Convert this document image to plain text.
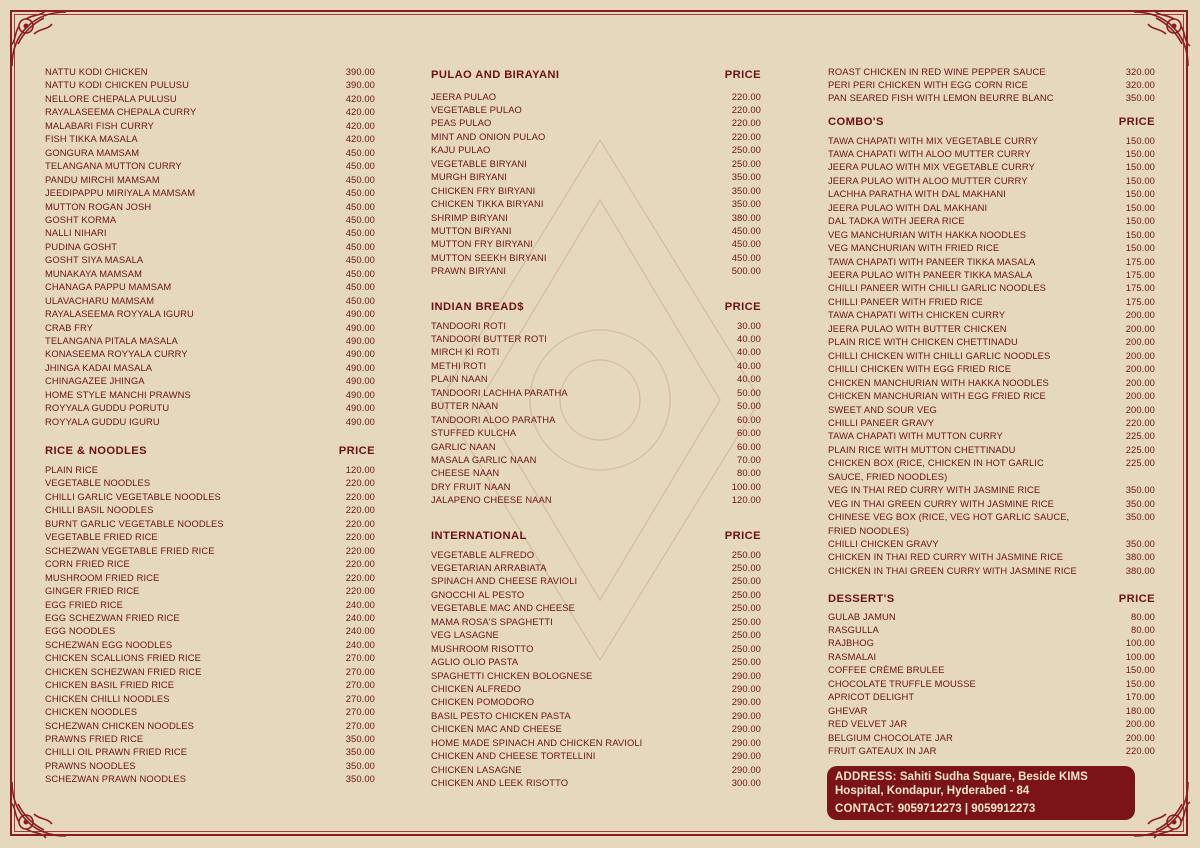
NATTU KODI CHICKEN	390.00
NATTU KODI CHICKEN PULUSU	390.00
NELLORE CHEPALA PULUSU	420.00
RAYALASEEMA CHEPALA CURRY	420.00
MALABARI FISH CURRY	420.00
FISH TIKKA MASALA	420.00
GONGURA MAMSAM	450.00
TELANGANA MUTTON CURRY	450.00
PANDU MIRCHI MAMSAM	450.00
JEEDIPAPPU MIRIYALA MAMSAM	450.00
MUTTON ROGAN JOSH	450.00
GOSHT KORMA	450.00
NALLI NIHARI	450.00
PUDINA GOSHT	450.00
GOSHT SIYA MASALA	450.00
MUNAKAYA MAMSAM	450.00
CHANAGA PAPPU MAMSAM	450.00
ULAVACHARU MAMSAM	450.00
RAYALASEEMA ROYYALA IGURU	490.00
CRAB FRY	490.00
TELANGANA PITALA MASALA	490.00
KONASEEMA ROYYALA CURRY	490.00
JHINGA KADAI MASALA	490.00
CHINAGAZEE JHINGA	490.00
HOME STYLE MANCHI PRAWNS	490.00
ROYYALA GUDDU PORUTU	490.00
ROYYALA GUDDU IGURU	490.00
RICE & NOODLES	PRICE
PLAIN RICE	120.00
VEGETABLE NOODLES	220.00
CHILLI GARLIC VEGETABLE NOODLES	220.00
CHILLI BASIL NOODLES	220.00
BURNT GARLIC VEGETABLE NOODLES	220.00
VEGETABLE FRIED RICE	220.00
SCHEZWAN VEGETABLE FRIED RICE	220.00
CORN FRIED RICE	220.00
MUSHROOM FRIED RICE	220.00
GINGER FRIED RICE	220.00
EGG FRIED RICE	240.00
EGG SCHEZWAN FRIED RICE	240.00
EGG NOODLES	240.00
SCHEZWAN EGG NOODLES	240.00
CHICKEN SCALLIONS FRIED RICE	270.00
CHICKEN SCHEZWAN FRIED RICE	270.00
CHICKEN BASIL FRIED RICE	270.00
CHICKEN CHILLI NOODLES	270.00
CHICKEN NOODLES	270.00
SCHEZWAN CHICKEN NOODLES	270.00
PRAWNS FRIED RICE	350.00
CHILLI OIL PRAWN FRIED RICE	350.00
PRAWNS NOODLES	350.00
SCHEZWAN PRAWN NOODLES	350.00
PULAO AND BIRAYANI	PRICE
JEERA PULAO	220.00
VEGETABLE PULAO	220.00
PEAS PULAO	220.00
MINT AND ONION PULAO	220.00
KAJU PULAO	250.00
VEGETABLE BIRYANI	250.00
MURGH BIRYANI	350.00
CHICKEN FRY BIRYANI	350.00
CHICKEN TIKKA BIRYANI	350.00
SHRIMP BIRYANI	380.00
MUTTON BIRYANI	450.00
MUTTON FRY BIRYANI	450.00
MUTTON SEEKH BIRYANI	450.00
PRAWN BIRYANI	500.00
INDIAN BREAD$	PRICE
TANDOORI ROTI	30.00
TANDOORI BUTTER ROTI	40.00
MIRCH KI ROTI	40.00
METHI ROTI	40.00
PLAIN NAAN	40.00
TANDOORI LACHHA PARATHA	50.00
BUTTER NAAN	50.00
TANDOORI ALOO PARATHA	60.00
STUFFED KULCHA	60.00
GARLIC NAAN	60.00
MASALA GARLIC NAAN	70.00
CHEESE NAAN	80.00
DRY FRUIT NAAN	100.00
JALAPENO CHEESE NAAN	120.00
INTERNATIONAL	PRICE
VEGETABLE ALFREDO	250.00
VEGETARIAN ARRABIATA	250.00
SPINACH AND CHEESE RAVIOLI	250.00
GNOCCHI AL PESTO	250.00
VEGETABLE MAC AND CHEESE	250.00
MAMA ROSA'S SPAGHETTI	250.00
VEG LASAGNE	250.00
MUSHROOM RISOTTO	250.00
AGLIO OLIO PASTA	250.00
SPAGHETTI CHICKEN BOLOGNESE	290.00
CHICKEN ALFREDO	290.00
CHICKEN POMODORO	290.00
BASIL PESTO CHICKEN PASTA	290.00
CHICKEN MAC AND CHEESE	290.00
HOME MADE SPINACH AND CHICKEN RAVIOLI	290.00
CHICKEN AND CHEESE TORTELLINI	290.00
CHICKEN LASAGNE	290.00
CHICKEN AND LEEK RISOTTO	300.00
ROAST CHICKEN IN RED WINE PEPPER SAUCE	320.00
PERI PERI CHICKEN WITH EGG CORN RICE	320.00
PAN SEARED FISH WITH LEMON BEURRE BLANC	350.00
COMBO'S	PRICE
TAWA CHAPATI WITH MIX VEGETABLE CURRY	150.00
TAWA CHAPATI WITH ALOO MUTTER CURRY	150.00
JEERA PULAO WITH MIX VEGETABLE CURRY	150.00
JEERA PULAO WITH ALOO MUTTER CURRY	150.00
LACHHA PARATHA WITH DAL MAKHANI	150.00
JEERA PULAO WITH DAL MAKHANI	150.00
DAL TADKA WITH JEERA RICE	150.00
VEG MANCHURIAN WITH HAKKA NOODLES	150.00
VEG MANCHURIAN WITH FRIED RICE	150.00
TAWA CHAPATI WITH PANEER TIKKA MASALA	175.00
JEERA PULAO WITH PANEER TIKKA MASALA	175.00
CHILLI PANEER WITH CHILLI GARLIC NOODLES	175.00
CHILLI PANEER WITH FRIED RICE	175.00
TAWA CHAPATI WITH CHICKEN CURRY	200.00
JEERA PULAO WITH BUTTER CHICKEN	200.00
PLAIN RICE WITH CHICKEN CHETTINADU	200.00
CHILLI CHICKEN WITH CHILLI GARLIC NOODLES	200.00
CHILLI CHICKEN WITH EGG FRIED RICE	200.00
CHICKEN MANCHURIAN WITH HAKKA NOODLES	200.00
CHICKEN MANCHURIAN WITH EGG FRIED RICE	200.00
SWEET AND SOUR VEG	200.00
CHILLI PANEER GRAVY	220.00
TAWA CHAPATI WITH MUTTON CURRY	225.00
PLAIN RICE WITH MUTTON CHETTINADU	225.00
CHICKEN BOX (RICE, CHICKEN IN HOT GARLIC SAUCE, FRIED NOODLES)
225.00
VEG IN THAI RED CURRY WITH JASMINE RICE	350.00
VEG IN THAI GREEN CURRY WITH JASMINE RICE	350.00
CHINESE VEG BOX (RICE, VEG HOT GARLIC SAUCE, FRIED NOODLES)
350.00
CHILLI CHICKEN GRAVY	350.00
CHICKEN IN THAI RED CURRY WITH JASMINE RICE	380.00
CHICKEN IN THAI GREEN CURRY WITH JASMINE RICE	380.00
DESSERT'S	PRICE
GULAB JAMUN	80.00
RASGULLA	80.00
RAJBHOG	100.00
RASMALAI	100.00
COFFEE CRÈME BRULEE	150.00
CHOCOLATE TRUFFLE MOUSSE	150.00
APRICOT DELIGHT	170.00
GHEVAR	180.00
RED VELVET JAR	200.00
BELGIUM CHOCOLATE JAR	200.00
FRUIT GATEAUX IN JAR	220.00
ADDRESS: Sahiti Sudha Square, Beside KIMS Hospital, Kondapur, Hyderabed - 84
CONTACT: 9059712273 | 9059912273
